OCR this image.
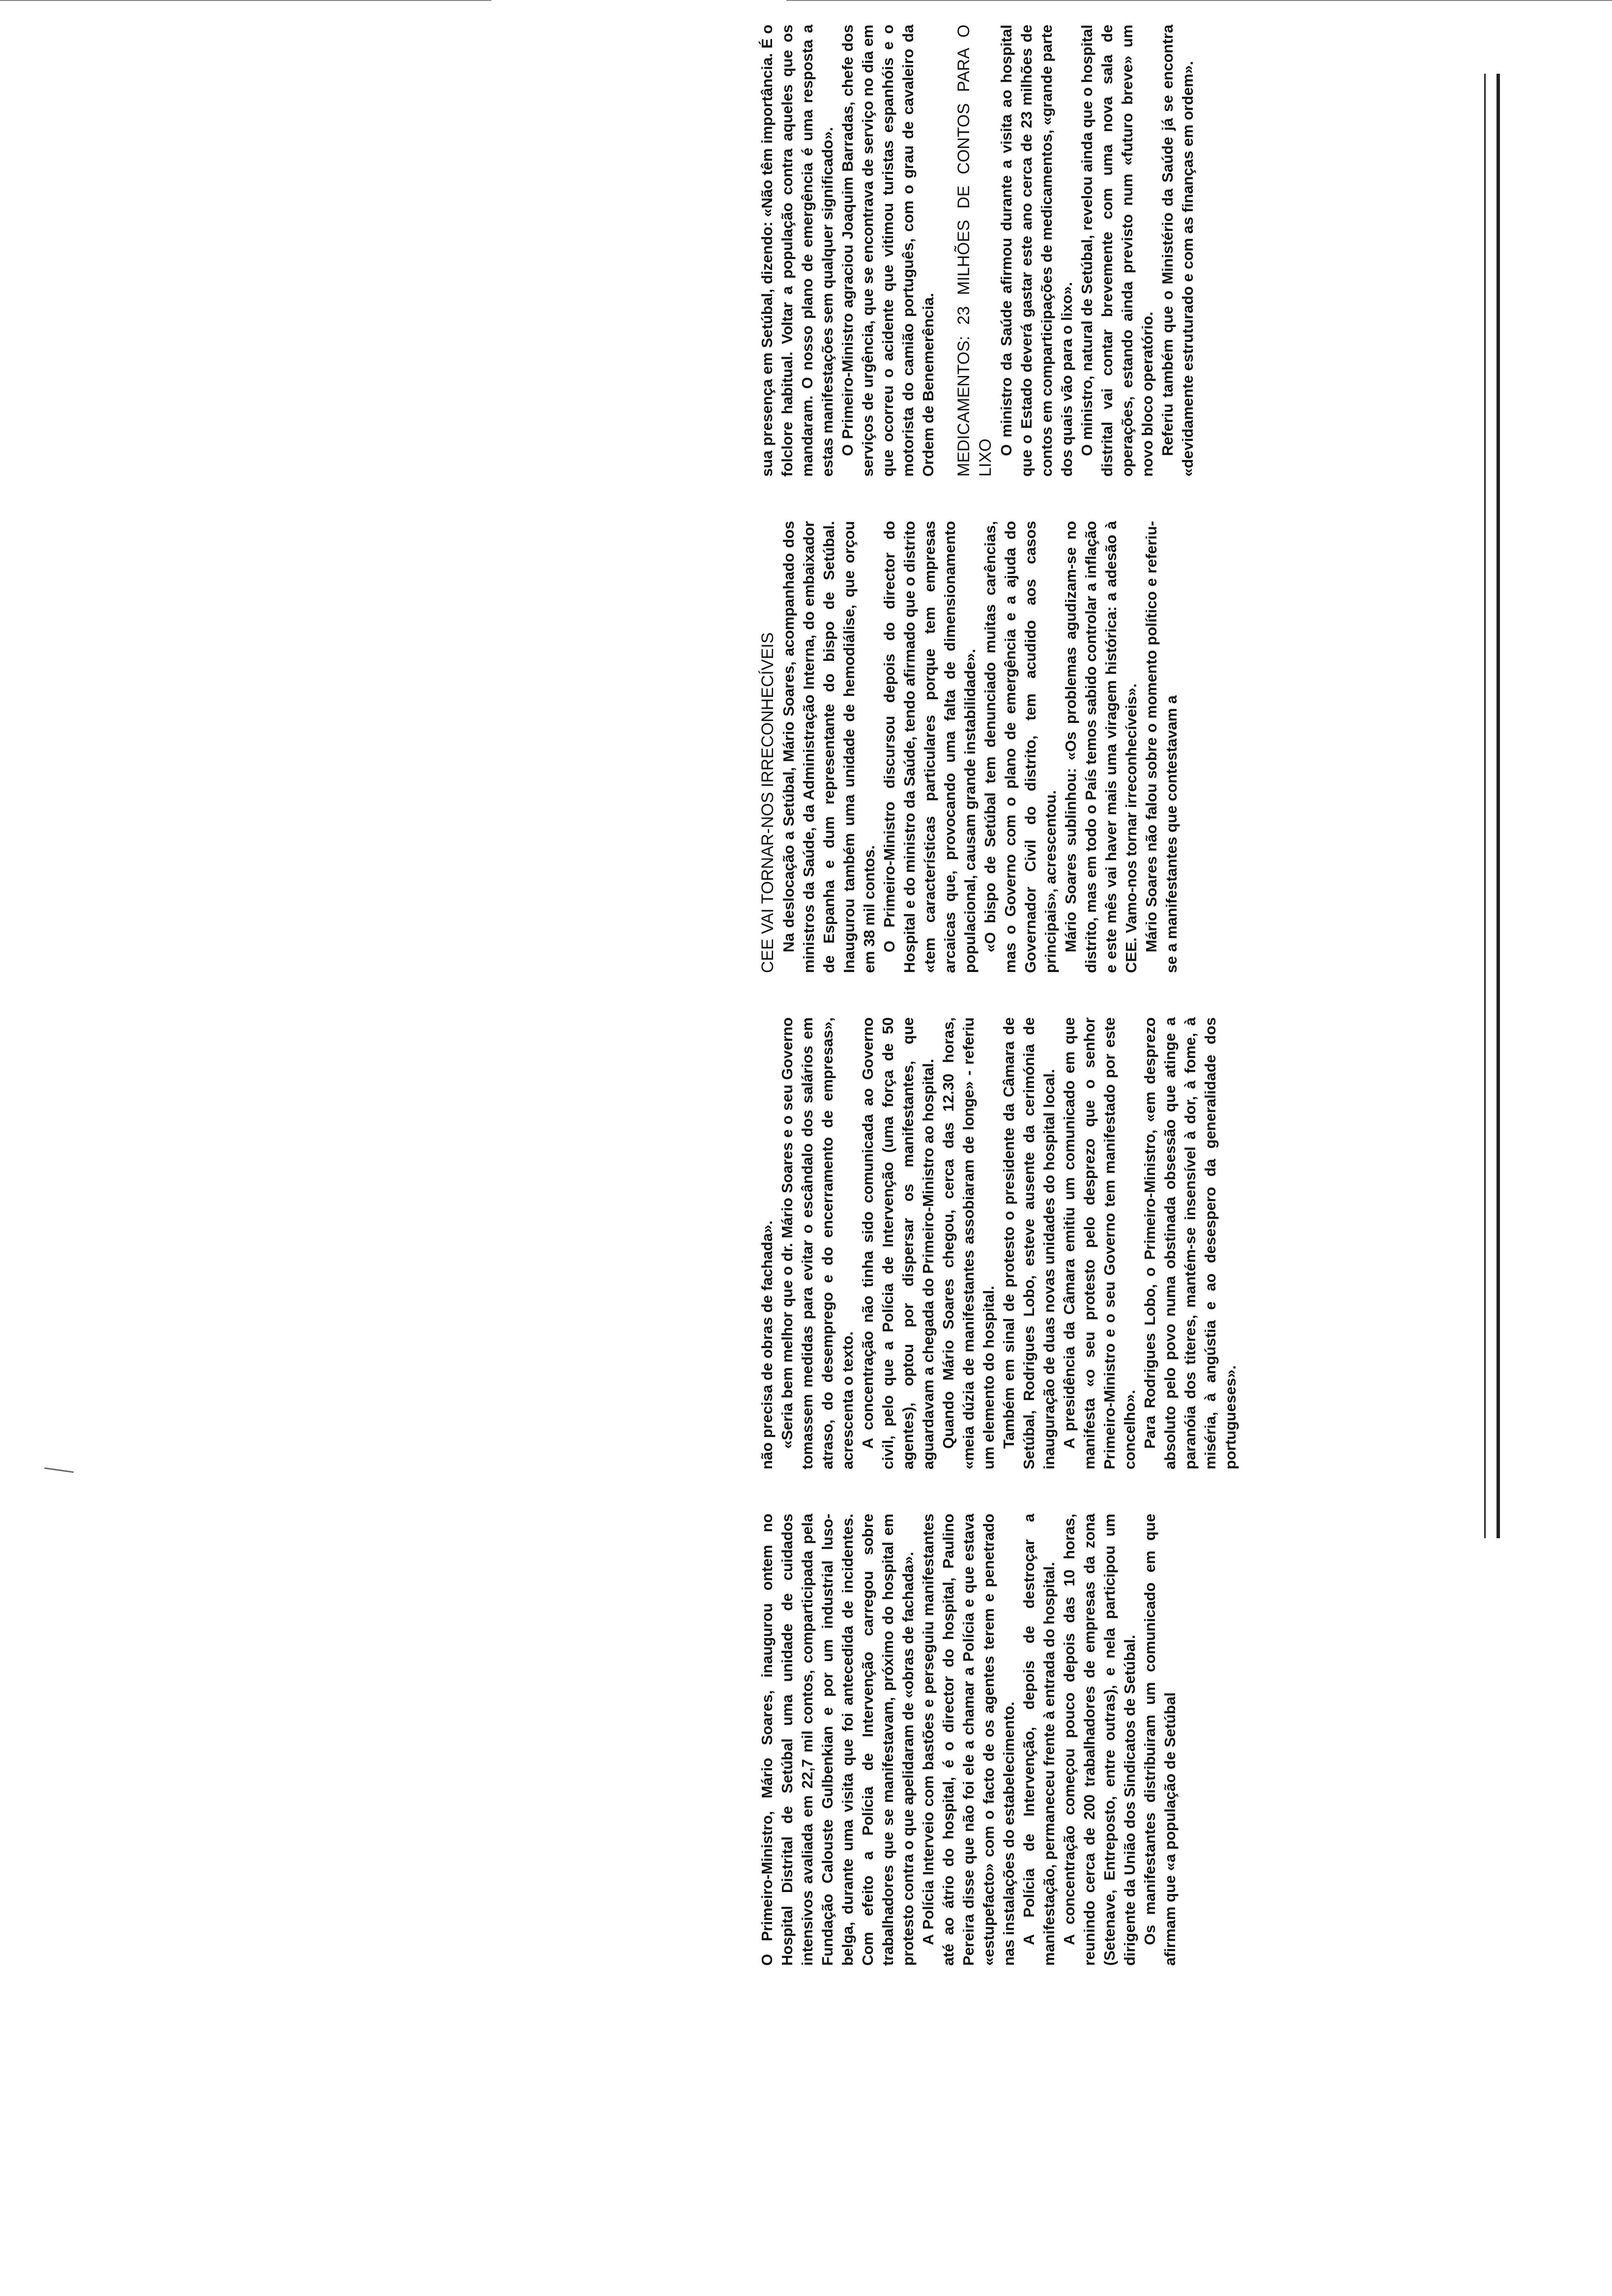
O Primeiro-Ministro, Mário Soares, inaugurou ontem no Hospital Distrital de Setúbal uma unidade de cuidados intensivos avaliada em 22,7 mil contos, comparticipada pela Fundação Calouste Gulbenkian e por um industrial luso-belga, durante uma visita que foi antecedida de incidentes. Com efeito a Polícia de Intervenção carregou sobre trabalhadores que se manifestavam, próximo do hospital em protesto contra o que apelidaram de «obras de fachada». A Polícia Interveio com bastões e perseguiu manifestantes até ao átrio do hospital, é o director do hospital, Paulino Pereira disse que não foi ele a chamar a Polícia e que estava «estupefacto» com o facto de os agentes terem e penetrado nas instalações do estabelecimento. A Polícia de Intervenção, depois de destroçar a manifestação, permaneceu frente à entrada do hospital. A concentração começou pouco depois das 10 horas, reunindo cerca de 200 trabalhadores de empresas da zona (Setenave, Entreposto, entre outras), e nela participou um dirigente da União dos Sindicatos de Setúbal. Os manifestantes distribuiram um comunicado em que afirmam que «a população de Setúbal

não precisa de obras de fachada». «Seria bem melhor que o dr. Mário Soares e o seu Governo tomassem medidas para evitar o escândalo dos salários em atraso, do desemprego e do encerramento de empresas», acrescenta o texto. A concentração não tinha sido comunicada ao Governo civil, pelo que a Polícia de Intervenção (uma força de 50 agentes), optou por dispersar os manifestantes, que aguardavam a chegada do Primeiro-Ministro ao hospital. Quando Mário Soares chegou, cerca das 12.30 horas, «meia dúzia de manifestantes assobiaram de longe» - referiu um elemento do hospital. Também em sinal de protesto o presidente da Câmara de Setúbal, Rodrigues Lobo, esteve ausente da cerimónia de inauguração de duas novas unidades do hospital local. A presidência da Câmara emitiu um comunicado em que manifesta «o seu protesto pelo desprezo que o senhor Primeiro-Ministro e o seu Governo tem manifestado por este concelho». Para Rodrigues Lobo, o Primeiro-Ministro, «em desprezo absoluto pelo povo numa obstinada obsessão que atinge a paranóia dos titeres, mantém-se insensível à dor, à fome, à miséria, à angústia e ao desespero da generalidade dos portugueses».

CEE VAI TORNAR-NOS IRRECONHECÍVEIS Na deslocação a Setúbal, Mário Soares, acompanhado dos ministros da Saúde, da Administração Interna, do embaixador de Espanha e dum representante do bispo de Setúbal. Inaugurou também uma unidade de hemodiálise, que orçou em 38 mil contos. O Primeiro-Ministro discursou depois do director do Hospital e do ministro da Saúde, tendo afirmado que o distrito «tem características particulares porque tem empresas arcaicas que, provocando uma falta de dimensionamento populacional, causam grande instabilidade». «O bispo de Setúbal tem denunciado muitas carências, mas o Governo com o plano de emergência e a ajuda do Governador Civil do distrito, tem acudido aos casos principais», acrescentou. Mário Soares sublinhou: «Os problemas agudizam-se no distrito, mas em todo o País temos sabido controlar a inflação e este mês vai haver mais uma viragem histórica: a adesão à CEE. Vamo-nos tornar irreconhecíveis». Mário Soares não falou sobre o momento político e referiu-se a manifestantes que contestavam a

sua presença em Setúbal, dizendo: «Não têm importância. É o folclore habitual. Voltar a população contra aqueles que os mandaram. O nosso plano de emergência é uma resposta a estas manifestações sem qualquer significado». O Primeiro-Ministro agraciou Joaquim Barradas, chefe dos serviços de urgência, que se encontrava de serviço no dia em que ocorreu o acidente que vitimou turistas espanhóis e o motorista do camião português, com o grau de cavaleiro da Ordem de Benemerência. MEDICAMENTOS: 23 MILHÕES DE CONTOS PARA O LIXO

O ministro da Saúde afirmou durante a visita ao hospital que o Estado deverá gastar este ano cerca de 23 milhões de contos em comparticipações de medicamentos, «grande parte dos quais vão para o lixo». O ministro, natural de Setúbal, revelou ainda que o hospital distrital vai contar brevemente com uma nova sala de operações, estando ainda previsto num «futuro breve» um novo bloco operatório. Referiu também que o Ministério da Saúde já se encontra «devidamente estruturado e com as finanças em ordem».
